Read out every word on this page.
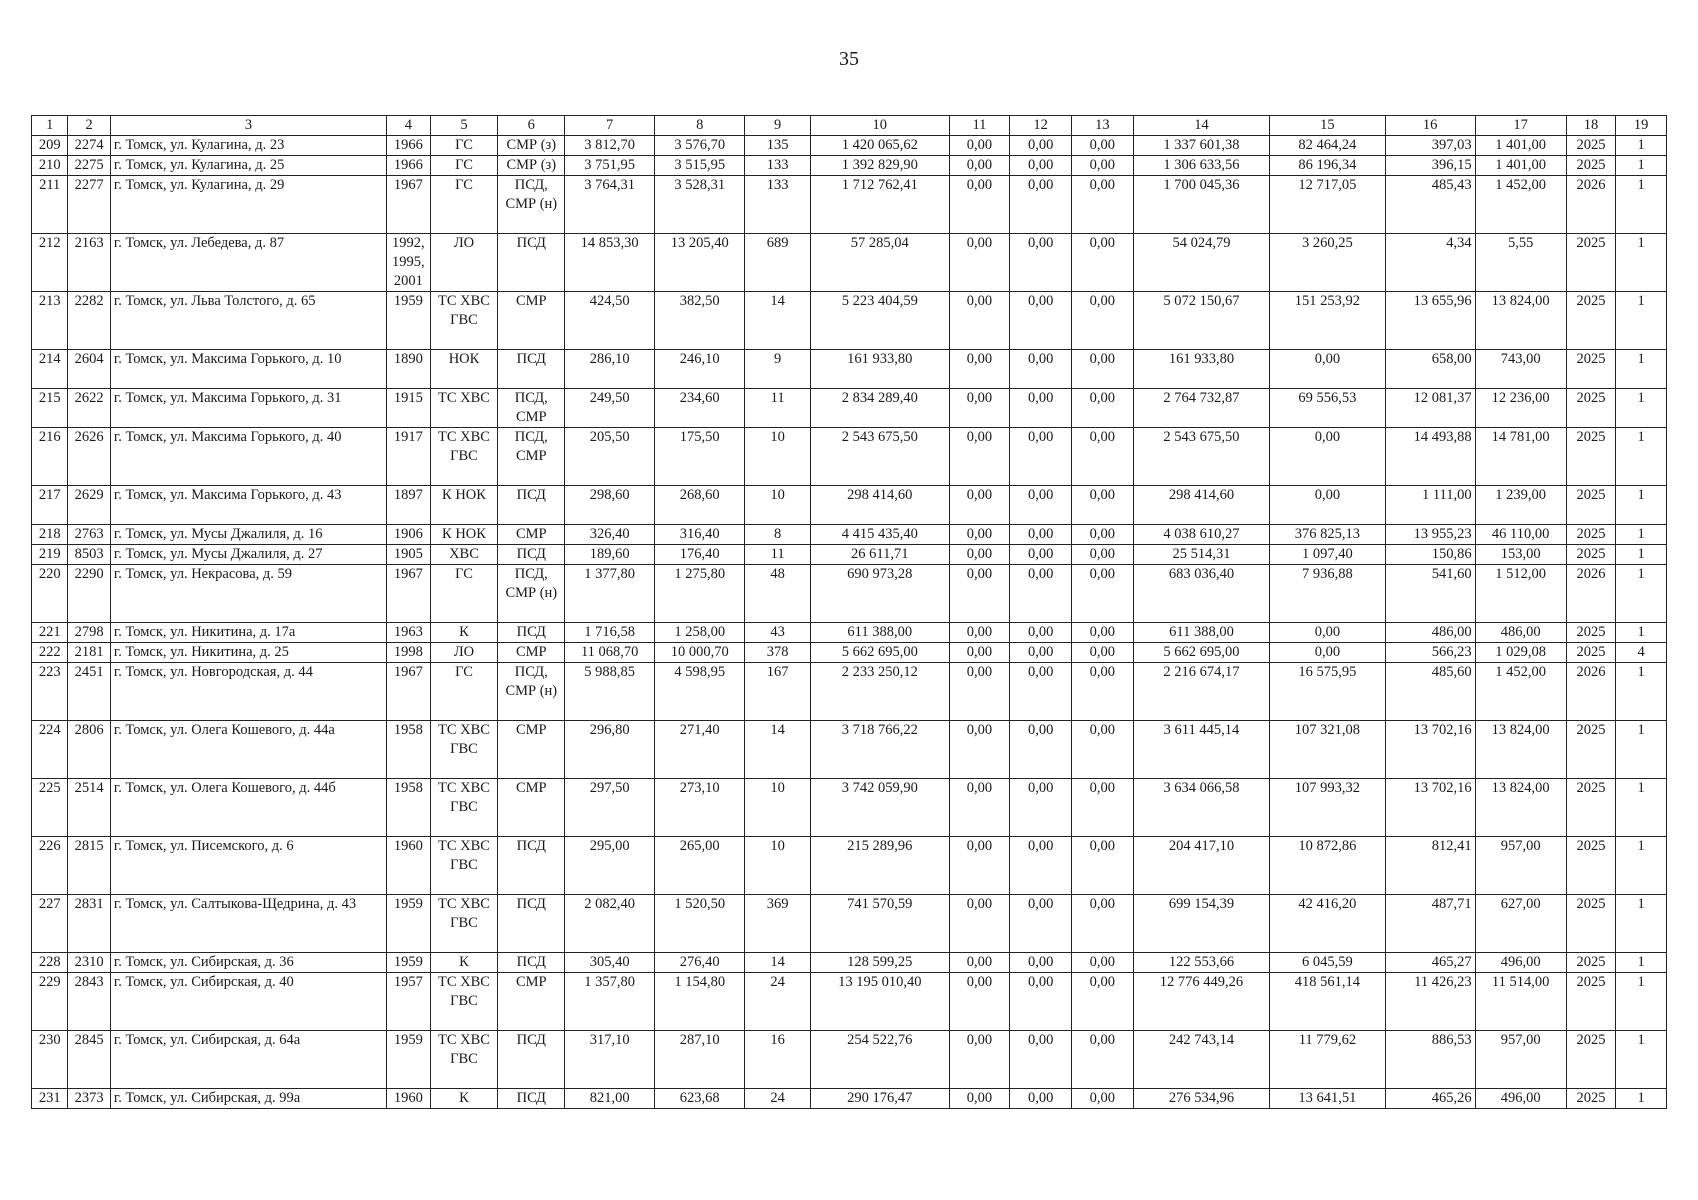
35
1	2	3	4	5	6	7	8	9	10	11	12	13	14	15	16	17	18	19
209	2274	г. Томск, ул. Кулагина, д. 23	1966	ГС	СМР (з)	3 812,70	3 576,70	135	1 420 065,62	0,00	0,00	0,00	1 337 601,38	82 464,24	397,03	1 401,00	2025	1
210	2275	г. Томск, ул. Кулагина, д. 25	1966	ГС	СМР (з)	3 751,95	3 515,95	133	1 392 829,90	0,00	0,00	0,00	1 306 633,56	86 196,34	396,15	1 401,00	2025	1
211	2277	г. Томск, ул. Кулагина, д. 29	1967	ГС	ПСД, СМР (н)	3 764,31	3 528,31	133	1 712 762,41	0,00	0,00	0,00	1 700 045,36	12 717,05	485,43	1 452,00	2026	1
212	2163	г. Томск, ул. Лебедева, д. 87	1992, 1995, 2001	ЛО	ПСД	14 853,30	13 205,40	689	57 285,04	0,00	0,00	0,00	54 024,79	3 260,25	4,34	5,55	2025	1
213	2282	г. Томск, ул. Льва Толстого, д. 65	1959	ТС ХВС ГВС	СМР	424,50	382,50	14	5 223 404,59	0,00	0,00	0,00	5 072 150,67	151 253,92	13 655,96	13 824,00	2025	1
214	2604	г. Томск, ул. Максима Горького, д. 10	1890	НОК	ПСД	286,10	246,10	9	161 933,80	0,00	0,00	0,00	161 933,80	0,00	658,00	743,00	2025	1
215	2622	г. Томск, ул. Максима Горького, д. 31	1915	ТС ХВС	ПСД, СМР	249,50	234,60	11	2 834 289,40	0,00	0,00	0,00	2 764 732,87	69 556,53	12 081,37	12 236,00	2025	1
216	2626	г. Томск, ул. Максима Горького, д. 40	1917	ТС ХВС ГВС	ПСД, СМР	205,50	175,50	10	2 543 675,50	0,00	0,00	0,00	2 543 675,50	0,00	14 493,88	14 781,00	2025	1
217	2629	г. Томск, ул. Максима Горького, д. 43	1897	К НОК	ПСД	298,60	268,60	10	298 414,60	0,00	0,00	0,00	298 414,60	0,00	1 111,00	1 239,00	2025	1
218	2763	г. Томск, ул. Мусы Джалиля, д. 16	1906	К НОК	СМР	326,40	316,40	8	4 415 435,40	0,00	0,00	0,00	4 038 610,27	376 825,13	13 955,23	46 110,00	2025	1
219	8503	г. Томск, ул. Мусы Джалиля, д. 27	1905	ХВС	ПСД	189,60	176,40	11	26 611,71	0,00	0,00	0,00	25 514,31	1 097,40	150,86	153,00	2025	1
220	2290	г. Томск, ул. Некрасова, д. 59	1967	ГС	ПСД, СМР (н)	1 377,80	1 275,80	48	690 973,28	0,00	0,00	0,00	683 036,40	7 936,88	541,60	1 512,00	2026	1
221	2798	г. Томск, ул. Никитина, д. 17а	1963	К	ПСД	1 716,58	1 258,00	43	611 388,00	0,00	0,00	0,00	611 388,00	0,00	486,00	486,00	2025	1
222	2181	г. Томск, ул. Никитина, д. 25	1998	ЛО	СМР	11 068,70	10 000,70	378	5 662 695,00	0,00	0,00	0,00	5 662 695,00	0,00	566,23	1 029,08	2025	4
223	2451	г. Томск, ул. Новгородская, д. 44	1967	ГС	ПСД, СМР (н)	5 988,85	4 598,95	167	2 233 250,12	0,00	0,00	0,00	2 216 674,17	16 575,95	485,60	1 452,00	2026	1
224	2806	г. Томск, ул. Олега Кошевого, д. 44а	1958	ТС ХВС ГВС	СМР	296,80	271,40	14	3 718 766,22	0,00	0,00	0,00	3 611 445,14	107 321,08	13 702,16	13 824,00	2025	1
225	2514	г. Томск, ул. Олега Кошевого, д. 44б	1958	ТС ХВС ГВС	СМР	297,50	273,10	10	3 742 059,90	0,00	0,00	0,00	3 634 066,58	107 993,32	13 702,16	13 824,00	2025	1
226	2815	г. Томск, ул. Писемского, д. 6	1960	ТС ХВС ГВС	ПСД	295,00	265,00	10	215 289,96	0,00	0,00	0,00	204 417,10	10 872,86	812,41	957,00	2025	1
227	2831	г. Томск, ул. Салтыкова-Щедрина, д. 43	1959	ТС ХВС ГВС	ПСД	2 082,40	1 520,50	369	741 570,59	0,00	0,00	0,00	699 154,39	42 416,20	487,71	627,00	2025	1
228	2310	г. Томск, ул. Сибирская, д. 36	1959	К	ПСД	305,40	276,40	14	128 599,25	0,00	0,00	0,00	122 553,66	6 045,59	465,27	496,00	2025	1
229	2843	г. Томск, ул. Сибирская, д. 40	1957	ТС ХВС ГВС	СМР	1 357,80	1 154,80	24	13 195 010,40	0,00	0,00	0,00	12 776 449,26	418 561,14	11 426,23	11 514,00	2025	1
230	2845	г. Томск, ул. Сибирская, д. 64а	1959	ТС ХВС ГВС	ПСД	317,10	287,10	16	254 522,76	0,00	0,00	0,00	242 743,14	11 779,62	886,53	957,00	2025	1
231	2373	г. Томск, ул. Сибирская, д. 99а	1960	К	ПСД	821,00	623,68	24	290 176,47	0,00	0,00	0,00	276 534,96	13 641,51	465,26	496,00	2025	1
